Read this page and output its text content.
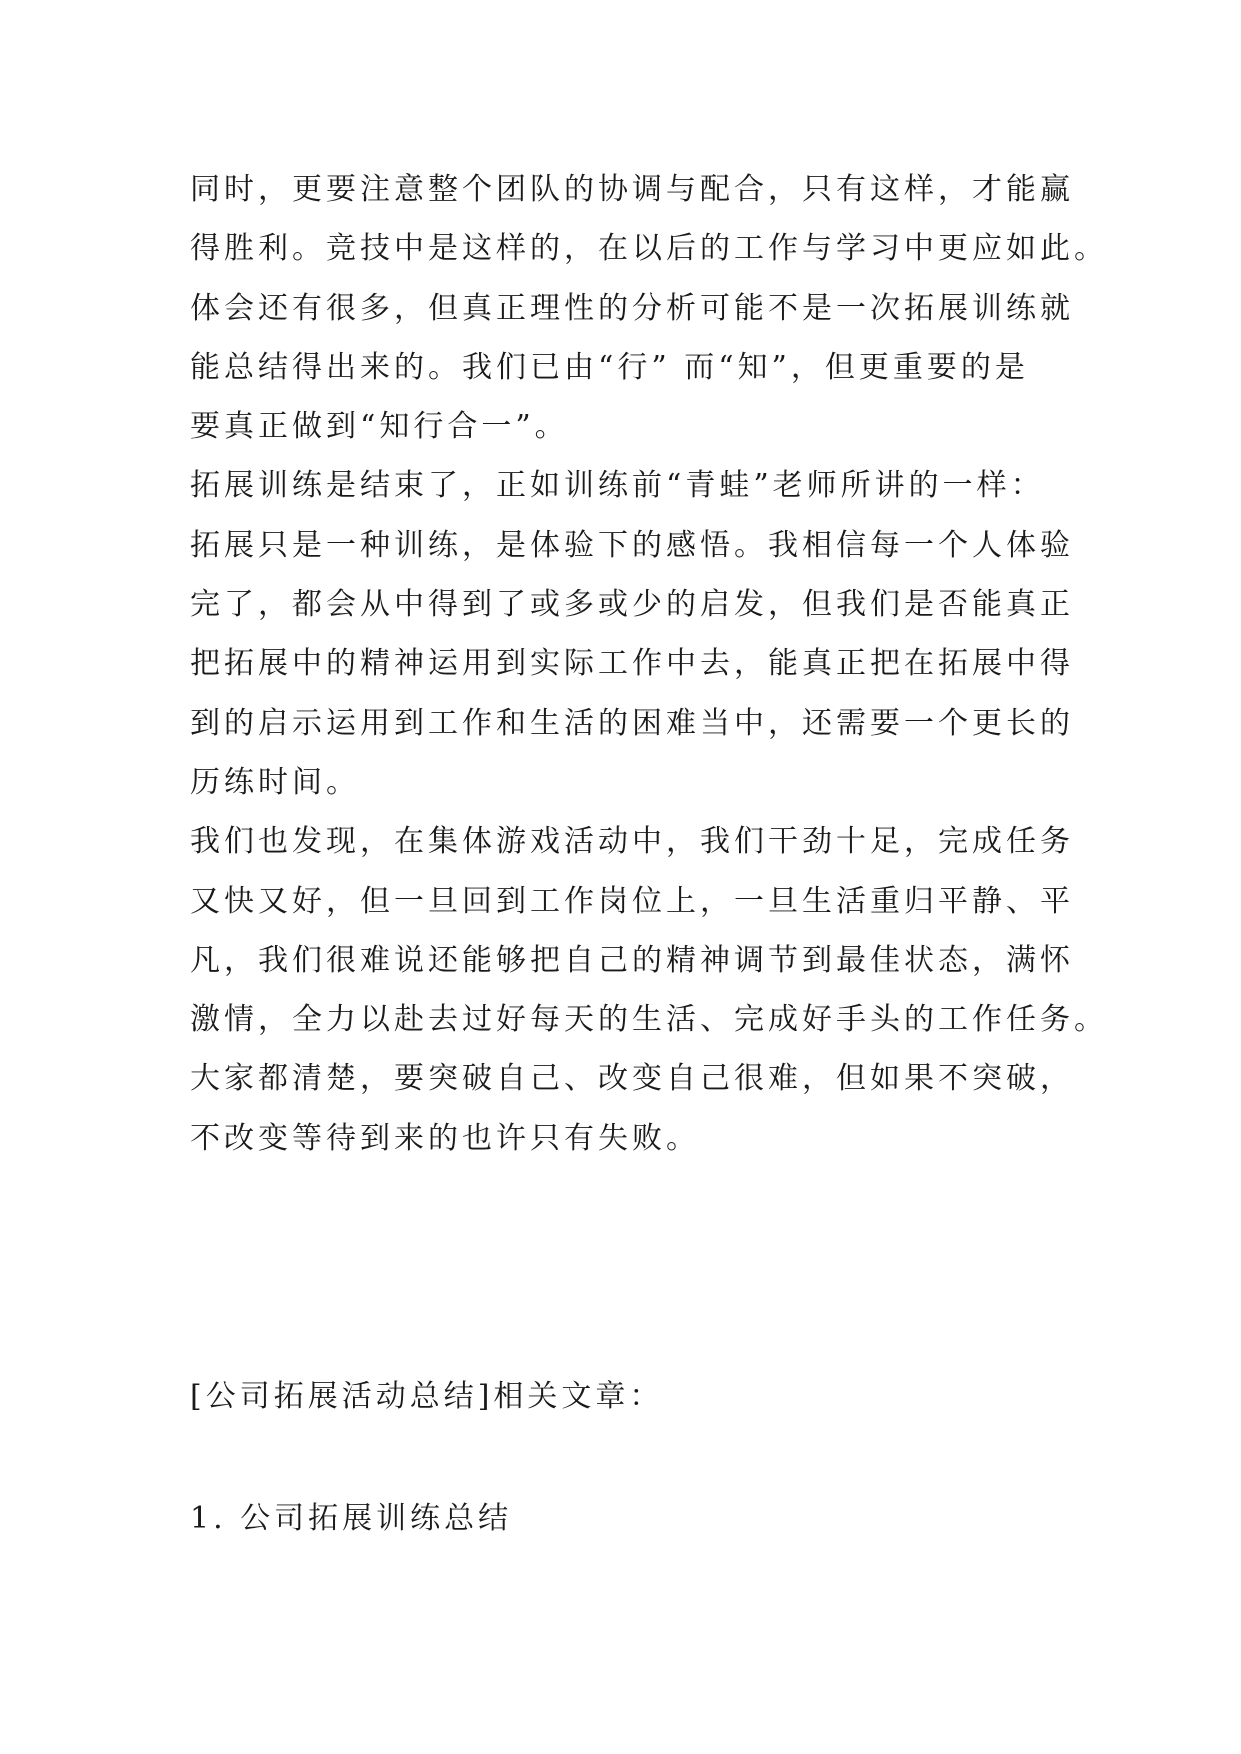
同时，更要注意整个团队的协调与配合，只有这样，才能赢
得胜利。竞技中是这样的，在以后的工作与学习中更应如此。
体会还有很多，但真正理性的分析可能不是一次拓展训练就
能总结得出来的。我们已由“行” 而“知”，但更重要的是
要真正做到“知行合一”。
拓展训练是结束了，正如训练前“青蛙”老师所讲的一样：
拓展只是一种训练，是体验下的感悟。我相信每一个人体验
完了，都会从中得到了或多或少的启发，但我们是否能真正
把拓展中的精神运用到实际工作中去，能真正把在拓展中得
到的启示运用到工作和生活的困难当中，还需要一个更长的
历练时间。
我们也发现，在集体游戏活动中，我们干劲十足，完成任务
又快又好，但一旦回到工作岗位上，一旦生活重归平静、平
凡，我们很难说还能够把自己的精神调节到最佳状态，满怀
激情，全力以赴去过好每天的生活、完成好手头的工作任务。
大家都清楚，要突破自己、改变自己很难，但如果不突破，
不改变等待到来的也许只有失败。
[公司拓展活动总结]相关文章：
1. 公司拓展训练总结
